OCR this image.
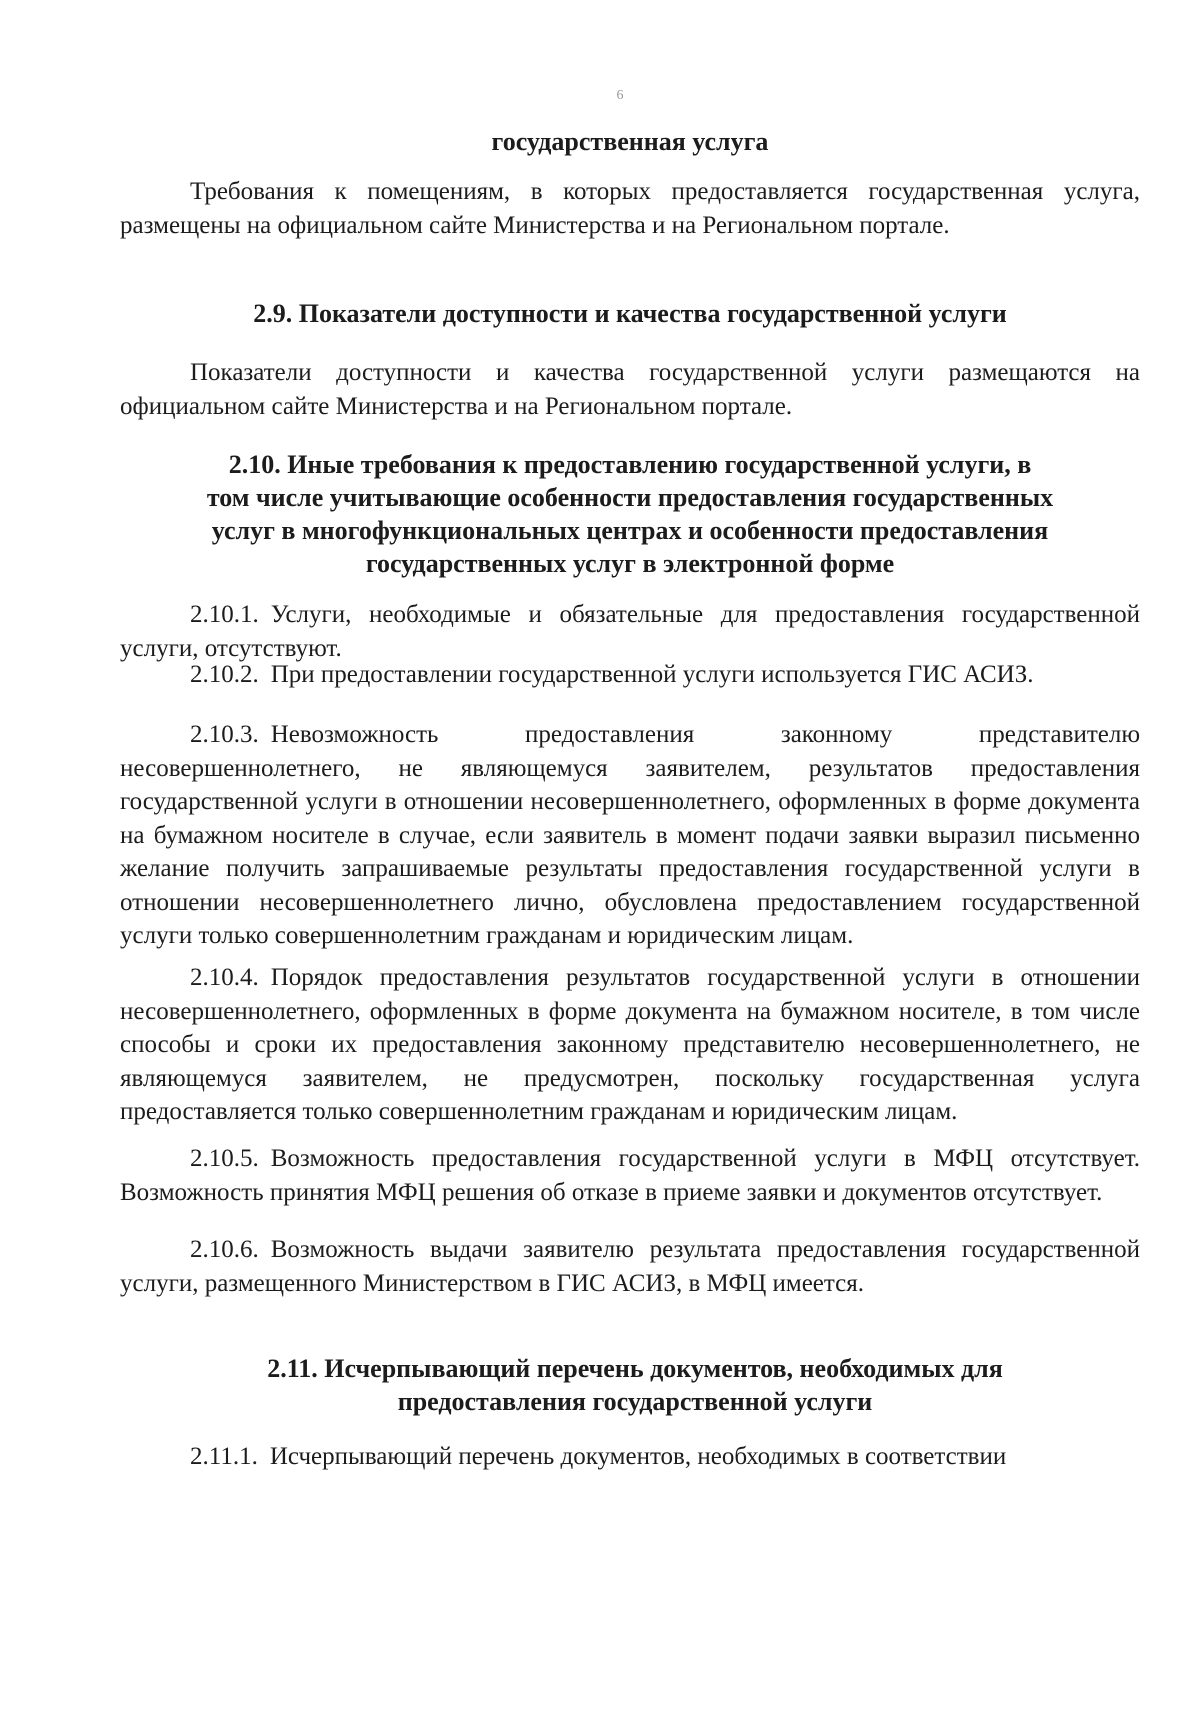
6
государственная услуга
Требования к помещениям, в которых предоставляется государственная услуга, размещены на официальном сайте Министерства и на Региональном портале.
2.9. Показатели доступности и качества государственной услуги
Показатели доступности и качества государственной услуги размещаются на официальном сайте Министерства и на Региональном портале.
2.10. Иные требования к предоставлению государственной услуги, в том числе учитывающие особенности предоставления государственных услуг в многофункциональных центрах и особенности предоставления государственных услуг в электронной форме
2.10.1. Услуги, необходимые и обязательные для предоставления государственной услуги, отсутствуют.
2.10.2. При предоставлении государственной услуги используется ГИС АСИЗ.
2.10.3. Невозможность предоставления законному представителю несовершеннолетнего, не являющемуся заявителем, результатов предоставления государственной услуги в отношении несовершеннолетнего, оформленных в форме документа на бумажном носителе в случае, если заявитель в момент подачи заявки выразил письменно желание получить запрашиваемые результаты предоставления государственной услуги в отношении несовершеннолетнего лично, обусловлена предоставлением государственной услуги только совершеннолетним гражданам и юридическим лицам.
2.10.4. Порядок предоставления результатов государственной услуги в отношении несовершеннолетнего, оформленных в форме документа на бумажном носителе, в том числе способы и сроки их предоставления законному представителю несовершеннолетнего, не являющемуся заявителем, не предусмотрен, поскольку государственная услуга предоставляется только совершеннолетним гражданам и юридическим лицам.
2.10.5. Возможность предоставления государственной услуги в МФЦ отсутствует. Возможность принятия МФЦ решения об отказе в приеме заявки и документов отсутствует.
2.10.6. Возможность выдачи заявителю результата предоставления государственной услуги, размещенного Министерством в ГИС АСИЗ, в МФЦ имеется.
2.11. Исчерпывающий перечень документов, необходимых для предоставления государственной услуги
2.11.1. Исчерпывающий перечень документов, необходимых в соответствии
